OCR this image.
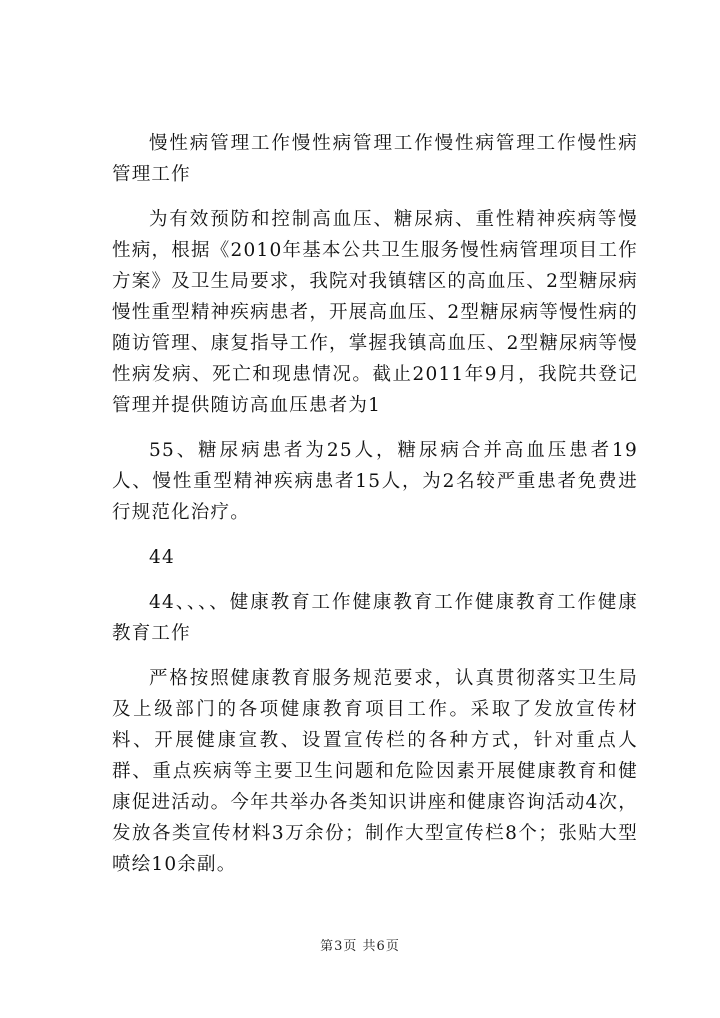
慢性病管理工作慢性病管理工作慢性病管理工作慢性病管理工作

为有效预防和控制高血压、糖尿病、重性精神疾病等慢性病，根据《2010年基本公共卫生服务慢性病管理项目工作方案》及卫生局要求，我院对我镇辖区的高血压、2型糖尿病慢性重型精神疾病患者，开展高血压、2型糖尿病等慢性病的随访管理、康复指导工作，掌握我镇高血压、2型糖尿病等慢性病发病、死亡和现患情况。截止2011年9月，我院共登记管理并提供随访高血压患者为1

55、糖尿病患者为25人，糖尿病合并高血压患者19人、慢性重型精神疾病患者15人，为2名较严重患者免费进行规范化治疗。

44

44、、、、健康教育工作健康教育工作健康教育工作健康教育工作

严格按照健康教育服务规范要求，认真贯彻落实卫生局及上级部门的各项健康教育项目工作。采取了发放宣传材料、开展健康宣教、设置宣传栏的各种方式，针对重点人群、重点疾病等主要卫生问题和危险因素开展健康教育和健康促进活动。今年共举办各类知识讲座和健康咨询活动4次，发放各类宣传材料3万余份；制作大型宣传栏8个；张贴大型喷绘10余副。

第3页 共6页
